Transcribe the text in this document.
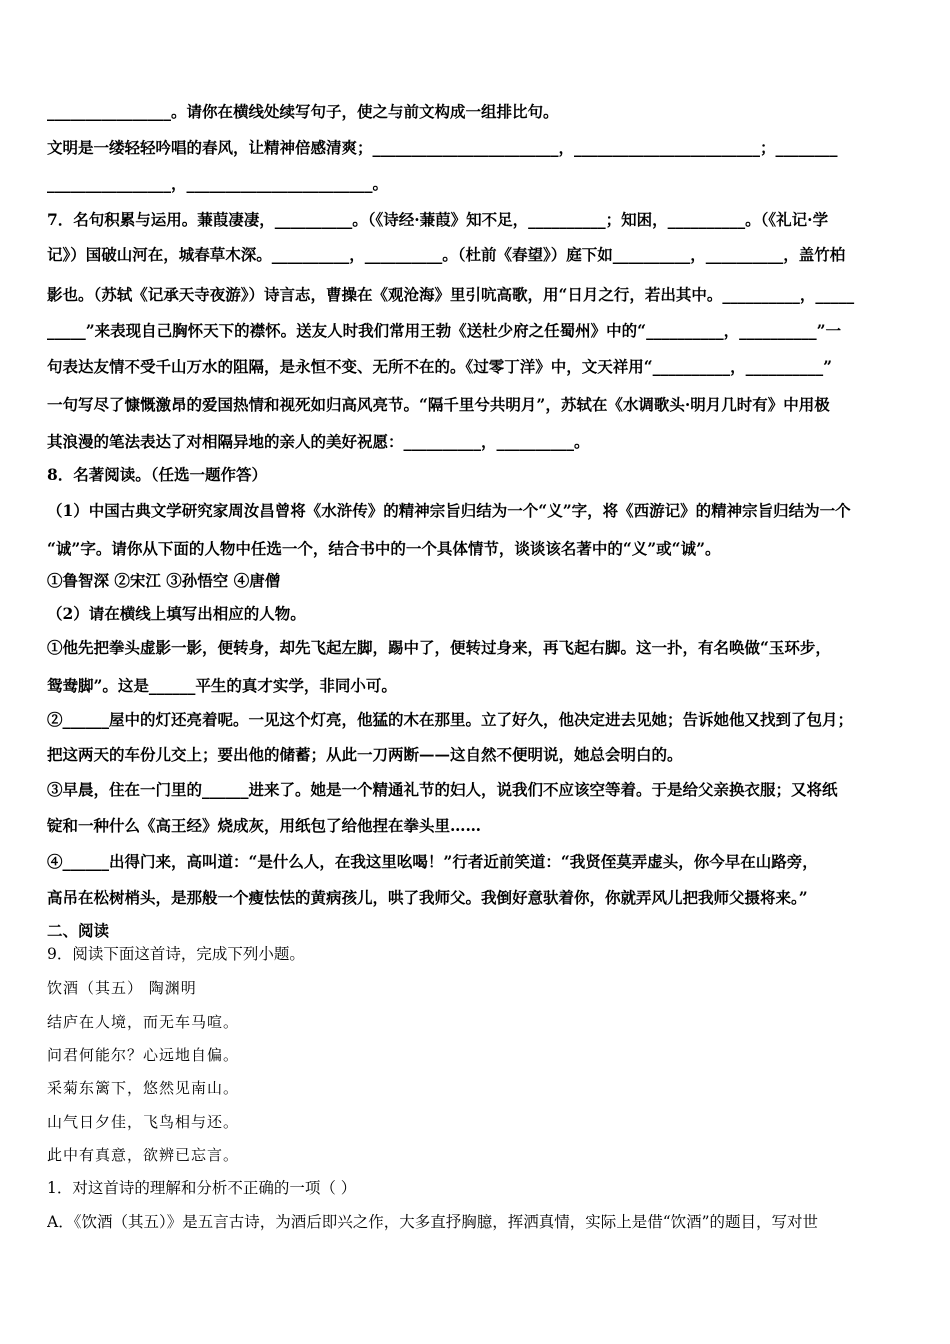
________________。请你在横线处续写句子，使之与前文构成一组排比句。
文明是一缕轻轻吟唱的春风，让精神倍感清爽；________________________，________________________；________
________________，________________________。
7．名句积累与运用。蒹葭凄凄，__________。（《诗经·蒹葭》知不足，__________；知困，__________。（《礼记·学
记》）国破山河在，城春草木深。__________，__________。（杜前《春望》）庭下如__________，__________，盖竹柏
影也。（苏轼《记承天寺夜游》）诗言志，曹操在《观沧海》里引吭高歌，用“日月之行，若出其中。__________，_____
_____”来表现自己胸怀天下的襟怀。送友人时我们常用王勃《送杜少府之任蜀州》中的“__________，__________”一
句表达友情不受千山万水的阻隔，是永恒不变、无所不在的。《过零丁洋》中，文天祥用“__________，__________”
一句写尽了慷慨激昂的爱国热情和视死如归高风亮节。“隔千里兮共明月”，苏轼在《水调歌头·明月几时有》中用极
其浪漫的笔法表达了对相隔异地的亲人的美好祝愿：__________，__________。
8．名著阅读。（任选一题作答）
（1）中国古典文学研究家周汝昌曾将《水浒传》的精神宗旨归结为一个“义”字，将《西游记》的精神宗旨归结为一个
“诚”字。请你从下面的人物中任选一个，结合书中的一个具体情节，谈谈该名著中的“义”或“诚”。
①鲁智深 ②宋江 ③孙悟空 ④唐僧
（2）请在横线上填写出相应的人物。
①他先把拳头虚影一影，便转身，却先飞起左脚，踢中了，便转过身来，再飞起右脚。这一扑，有名唤做“玉环步，
鸳鸯脚”。这是______平生的真才实学，非同小可。
②______屋中的灯还亮着呢。一见这个灯亮，他猛的木在那里。立了好久，他决定进去见她；告诉她他又找到了包月；
把这两天的车份儿交上；要出他的储蓄；从此一刀两断——这自然不便明说，她总会明白的。
③早晨，住在一门里的______进来了。她是一个精通礼节的妇人，说我们不应该空等着。于是给父亲换衣服；又将纸
锭和一种什么《高王经》烧成灰，用纸包了给他捏在拳头里……
④______出得门来，高叫道：“是什么人，在我这里吆喝！”行者近前笑道：“我贤侄莫弄虚头，你今早在山路旁，
高吊在松树梢头，是那般一个瘦怯怯的黄病孩儿，哄了我师父。我倒好意驮着你，你就弄风儿把我师父摄将来。”
二、阅读
9．阅读下面这首诗，完成下列小题。
饮酒（其五） 陶渊明
结庐在人境，而无车马喧。
问君何能尔？心远地自偏。
采菊东篱下，悠然见南山。
山气日夕佳，飞鸟相与还。
此中有真意，欲辨已忘言。
1．对这首诗的理解和分析不正确的一项（ ）
A．《饮酒（其五）》是五言古诗，为酒后即兴之作，大多直抒胸臆，挥洒真情，实际上是借“饮酒”的题目，写对世
